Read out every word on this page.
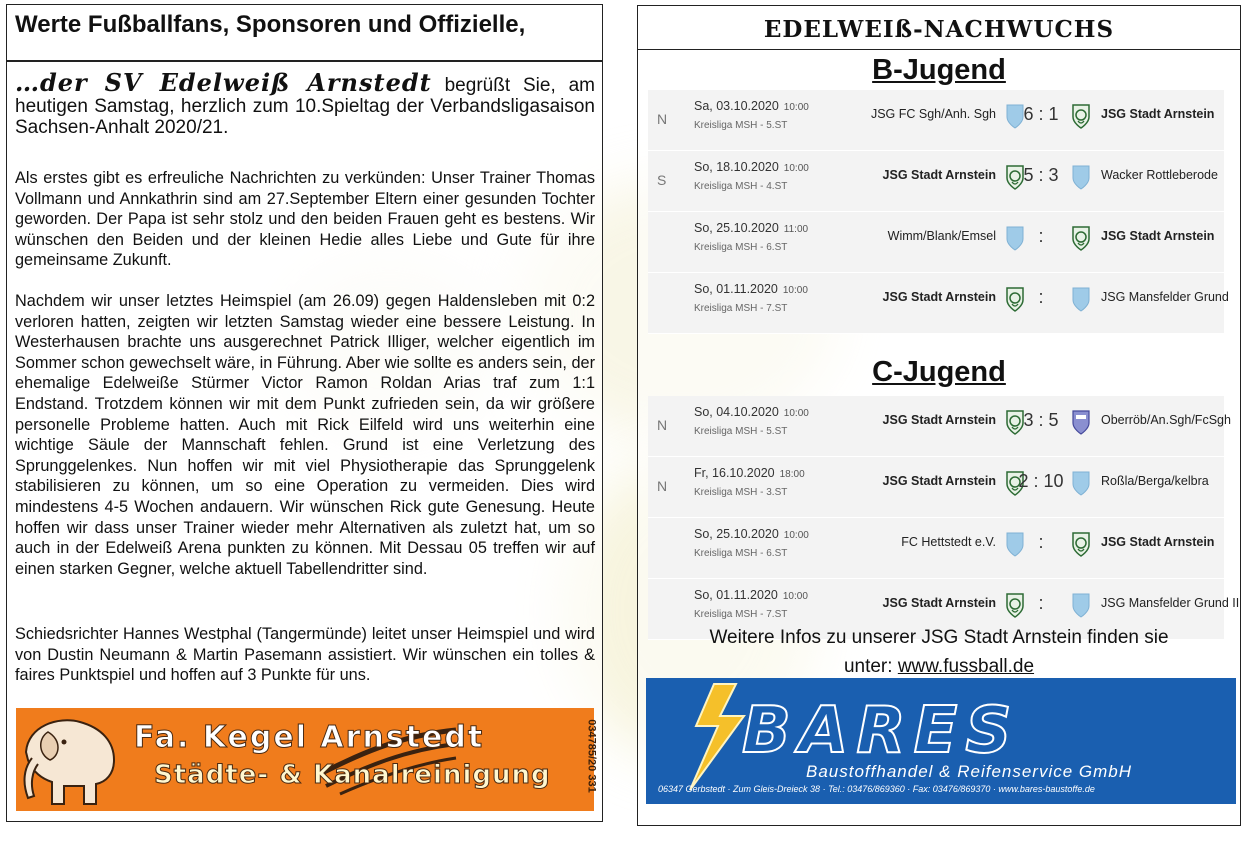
Werte Fußballfans, Sponsoren und Offizielle,
…der SV Edelweiß Arnstedt begrüßt Sie, am heutigen Samstag, herzlich zum 10.Spieltag der Verbandsligasaison Sachsen-Anhalt 2020/21.
Als erstes gibt es erfreuliche Nachrichten zu verkünden: Unser Trainer Thomas Vollmann und Annkathrin sind am 27.September Eltern einer gesunden Tochter geworden. Der Papa ist sehr stolz und den beiden Frauen geht es bestens. Wir wünschen den Beiden und der kleinen Hedie alles Liebe und Gute für ihre gemeinsame Zukunft.
Nachdem wir unser letztes Heimspiel (am 26.09) gegen Haldensleben mit 0:2 verloren hatten, zeigten wir letzten Samstag wieder eine bessere Leistung. In Westerhausen brachte uns ausgerechnet Patrick Illiger, welcher eigentlich im Sommer schon gewechselt wäre, in Führung. Aber wie sollte es anders sein, der ehemalige Edelweiße Stürmer Victor Ramon Roldan Arias traf zum 1:1 Endstand. Trotzdem können wir mit dem Punkt zufrieden sein, da wir größere personelle Probleme hatten. Auch mit Rick Eilfeld wird uns weiterhin eine wichtige Säule der Mannschaft fehlen. Grund ist eine Verletzung des Sprunggelenkes. Nun hoffen wir mit viel Physiotherapie das Sprunggelenk stabilisieren zu können, um so eine Operation zu vermeiden. Dies wird mindestens 4-5 Wochen andauern. Wir wünschen Rick gute Genesung. Heute hoffen wir dass unser Trainer wieder mehr Alternativen als zuletzt hat, um so auch in der Edelweiß Arena punkten zu können. Mit Dessau 05 treffen wir auf einen starken Gegner, welche aktuell Tabellendritter sind.
Schiedsrichter Hannes Westphal (Tangermünde) leitet unser Heimspiel und wird von Dustin Neumann & Martin Pasemann assistiert. Wir wünschen ein tolles & faires Punktspiel und hoffen auf 3 Punkte für uns.
Fa. Kegel Arnstedt
Städte- & Kanalreinigung	034785/20 331
EDELWEIß-NACHWUCHS
B-Jugend
N
Sa, 03.10.2020 10:00
Kreisliga MSH - 5.ST
JSG FC Sgh/Anh. Sgh	6 : 1	JSG Stadt Arnstein
S
So, 18.10.2020 10:00
Kreisliga MSH - 4.ST
JSG Stadt Arnstein	5 : 3	Wacker Rottleberode
So, 25.10.2020 11:00
Kreisliga MSH - 6.ST
Wimm/Blank/Emsel	:	JSG Stadt Arnstein
So, 01.11.2020 10:00
Kreisliga MSH - 7.ST
JSG Stadt Arnstein	:	JSG Mansfelder Grund
C-Jugend
N
So, 04.10.2020 10:00
Kreisliga MSH - 5.ST
JSG Stadt Arnstein	3 : 5	Oberröb/An.Sgh/FcSgh
N
Fr, 16.10.2020 18:00
Kreisliga MSH - 3.ST
JSG Stadt Arnstein 2 : 10	Roßla/Berga/kelbra
So, 25.10.2020 10:00
Kreisliga MSH - 6.ST
FC Hettstedt e.V.	:	JSG Stadt Arnstein
So, 01.11.2020 10:00
Kreisliga MSH - 7.ST
JSG Stadt Arnstein	:	JSG Mansfelder Grund II
Weitere Infos zu unserer JSG Stadt Arnstein finden sie
unter: www.fussball.de
BARES
Baustoffhandel & Reifenservice GmbH
06347 Gerbstedt · Zum Gleis-Dreieck 38 · Tel.: 03476/869360 · Fax: 03476/869370 · www.bares-baustoffe.de
